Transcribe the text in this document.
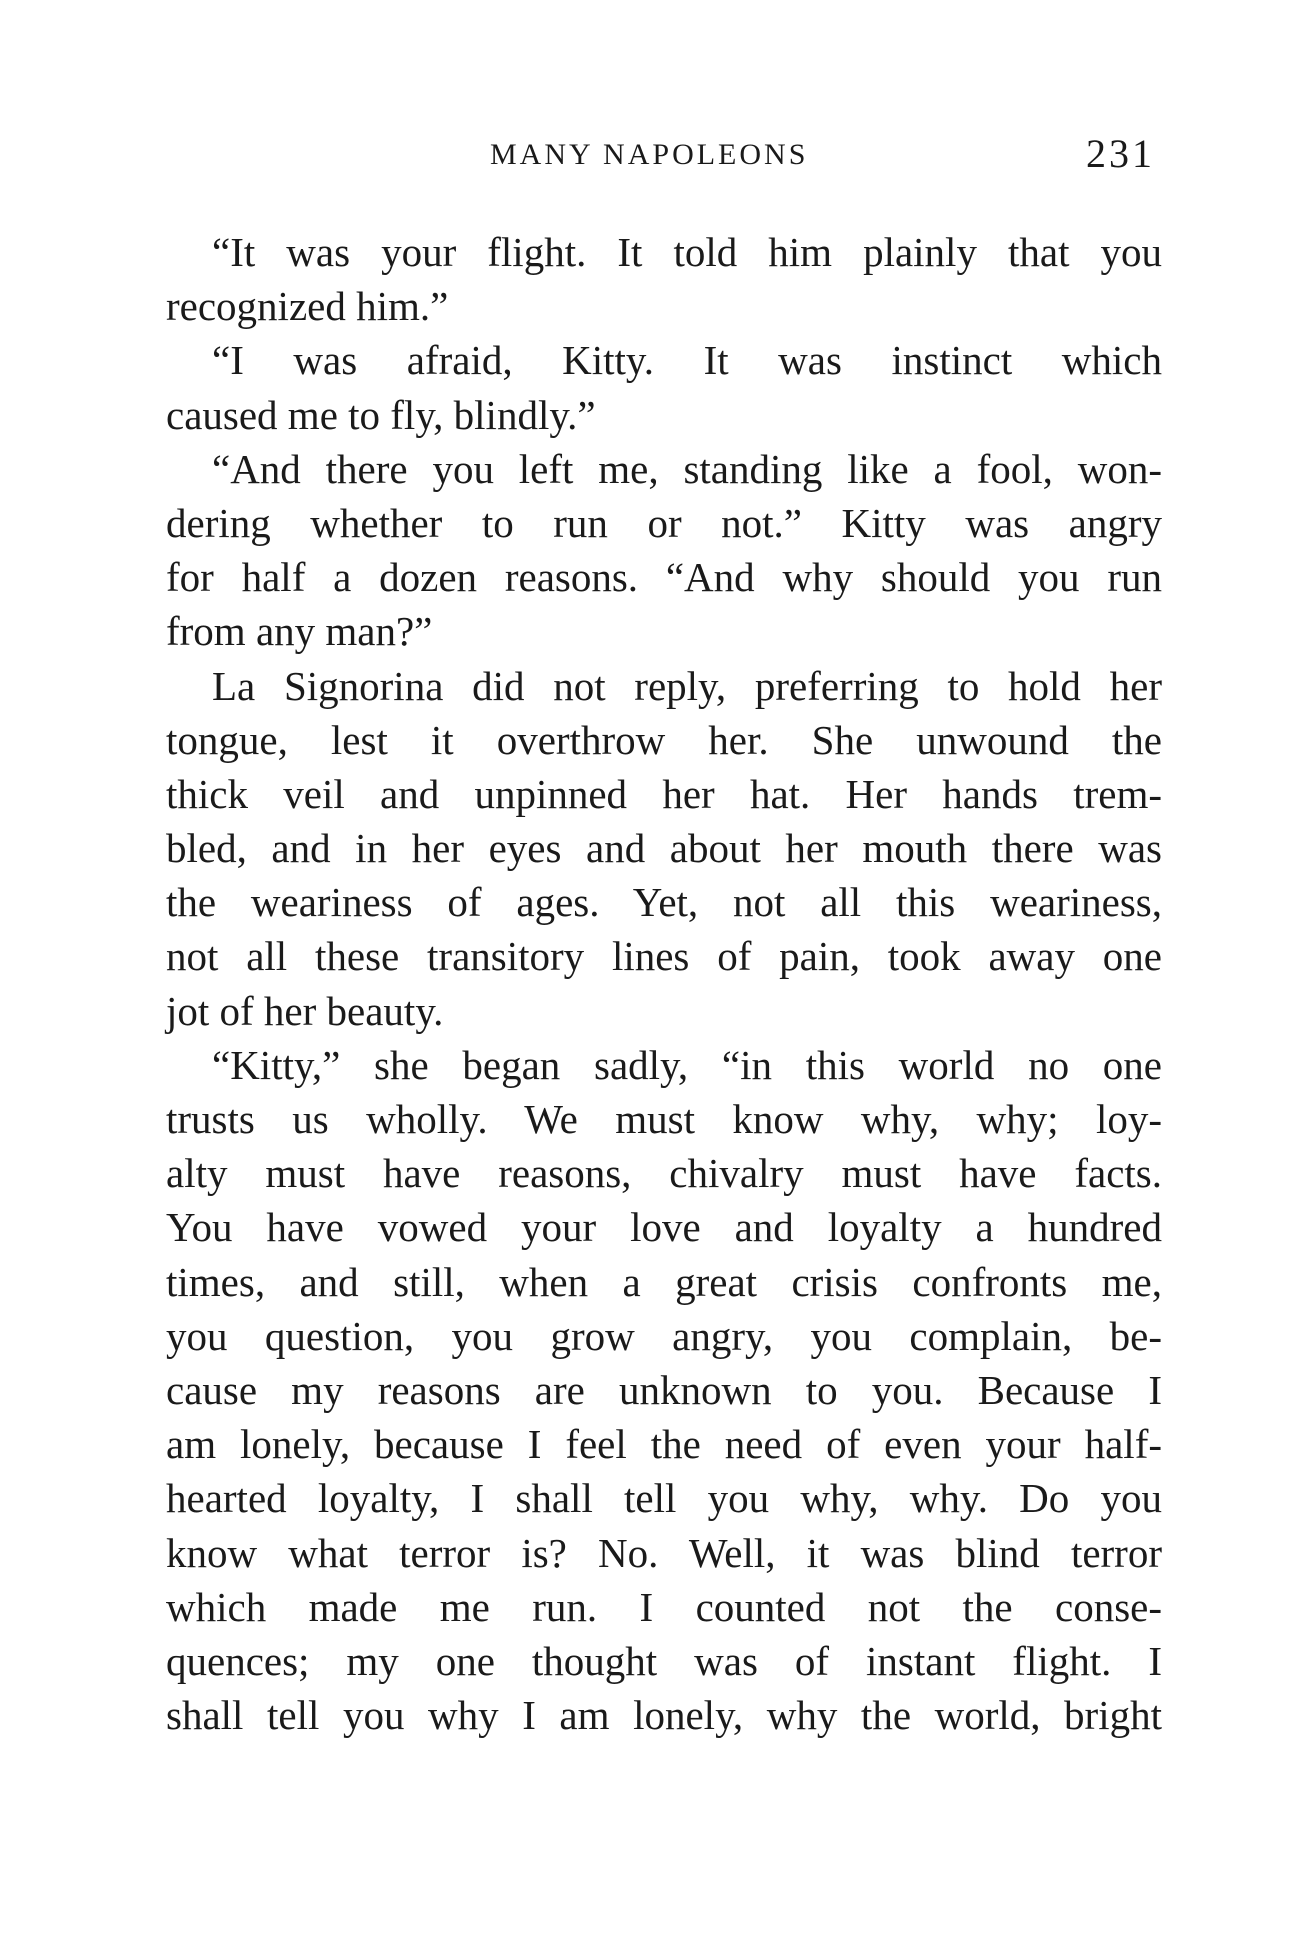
MANY NAPOLEONS	231
“It was your flight. It told him plainly that you
recognized him.”
“I was afraid, Kitty. It was instinct which
caused me to fly, blindly.”
“And there you left me, standing like a fool, won-
dering whether to run or not.” Kitty was angry
for half a dozen reasons. “And why should you run
from any man?”
La Signorina did not reply, preferring to hold her
tongue, lest it overthrow her. She unwound the
thick veil and unpinned her hat. Her hands trem-
bled, and in her eyes and about her mouth there was
the weariness of ages. Yet, not all this weariness,
not all these transitory lines of pain, took away one
jot of her beauty.
“Kitty,” she began sadly, “in this world no one
trusts us wholly. We must know why, why; loy-
alty must have reasons, chivalry must have facts.
You have vowed your love and loyalty a hundred
times, and still, when a great crisis confronts me,
you question, you grow angry, you complain, be-
cause my reasons are unknown to you. Because I
am lonely, because I feel the need of even your half-
hearted loyalty, I shall tell you why, why. Do you
know what terror is? No. Well, it was blind terror
which made me run. I counted not the conse-
quences; my one thought was of instant flight. I
shall tell you why I am lonely, why the world, bright
